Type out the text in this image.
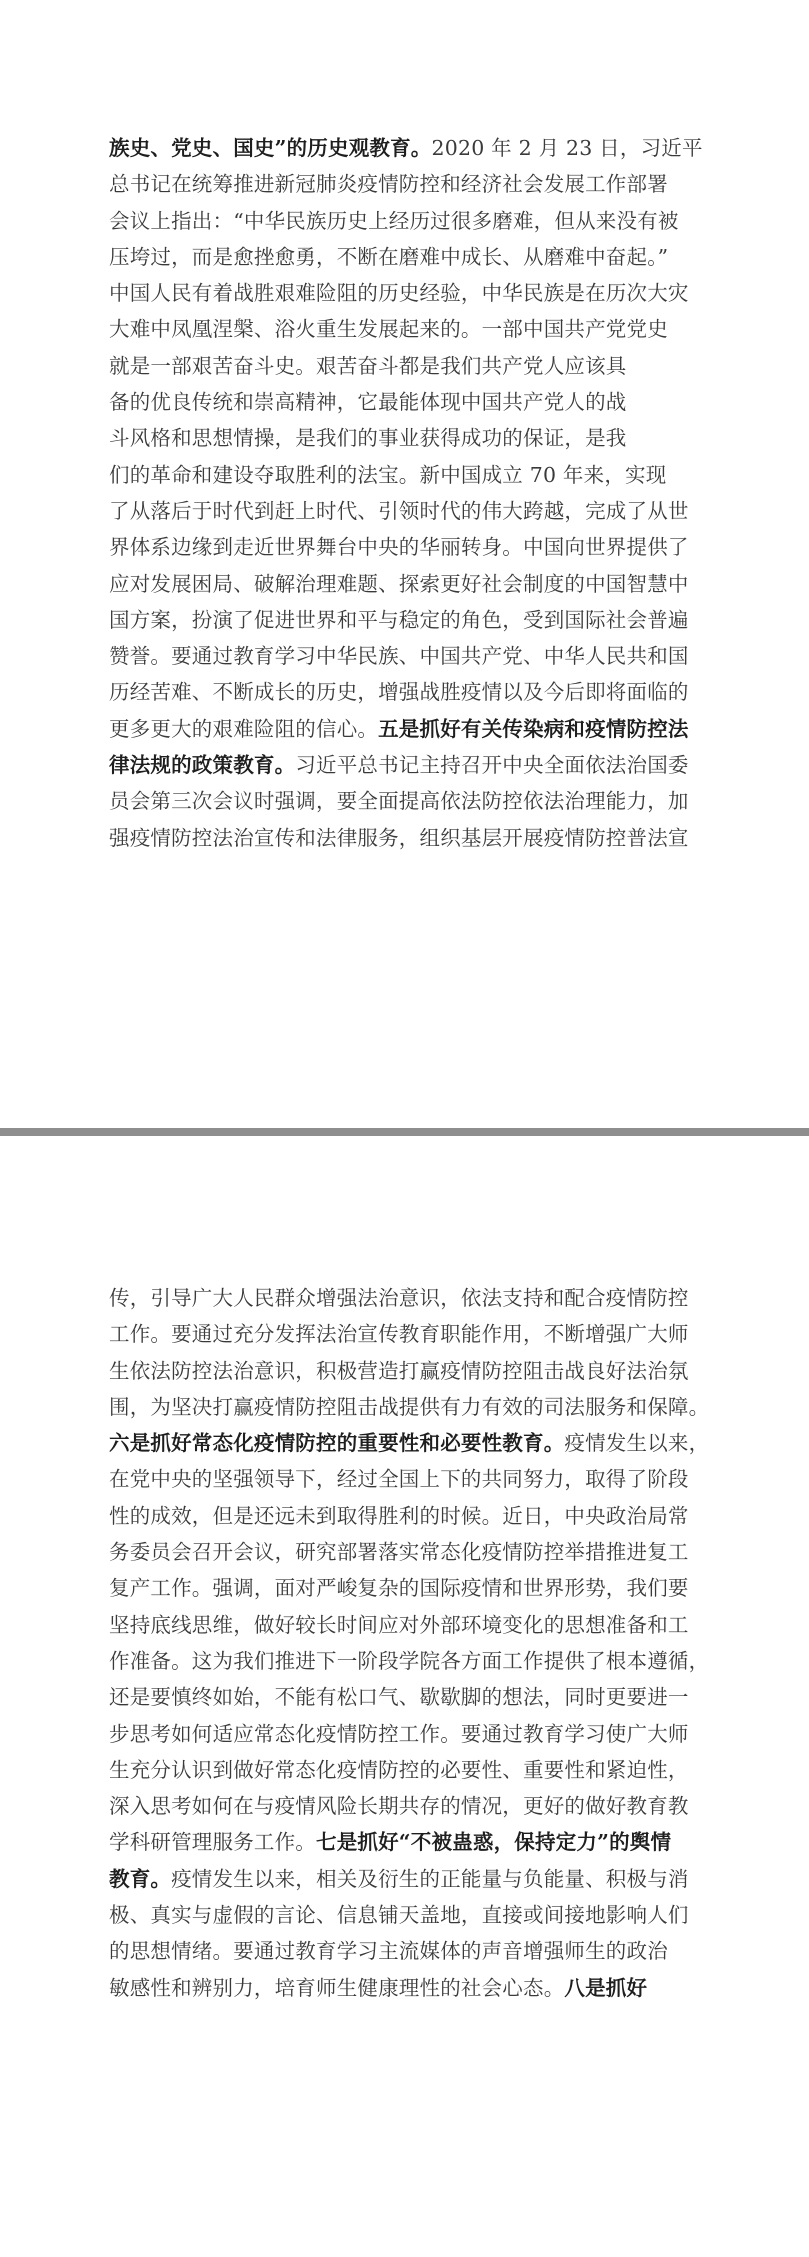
族史、党史、国史”的历史观教育。2020 年 2 月 23 日，习近平
总书记在统筹推进新冠肺炎疫情防控和经济社会发展工作部署
会议上指出：“中华民族历史上经历过很多磨难，但从来没有被
压垮过，而是愈挫愈勇，不断在磨难中成长、从磨难中奋起。”
中国人民有着战胜艰难险阻的历史经验，中华民族是在历次大灾
大难中凤凰涅槃、浴火重生发展起来的。一部中国共产党党史
就是一部艰苦奋斗史。艰苦奋斗都是我们共产党人应该具
备的优良传统和崇高精神，它最能体现中国共产党人的战
斗风格和思想情操，是我们的事业获得成功的保证，是我
们的革命和建设夺取胜利的法宝。新中国成立 70 年来，实现
了从落后于时代到赶上时代、引领时代的伟大跨越，完成了从世
界体系边缘到走近世界舞台中央的华丽转身。中国向世界提供了
应对发展困局、破解治理难题、探索更好社会制度的中国智慧中
国方案，扮演了促进世界和平与稳定的角色，受到国际社会普遍
赞誉。要通过教育学习中华民族、中国共产党、中华人民共和国
历经苦难、不断成长的历史，增强战胜疫情以及今后即将面临的
更多更大的艰难险阻的信心。五是抓好有关传染病和疫情防控法
律法规的政策教育。习近平总书记主持召开中央全面依法治国委
员会第三次会议时强调，要全面提高依法防控依法治理能力，加
强疫情防控法治宣传和法律服务，组织基层开展疫情防控普法宣
传，引导广大人民群众增强法治意识，依法支持和配合疫情防控
工作。要通过充分发挥法治宣传教育职能作用，不断增强广大师
生依法防控法治意识，积极营造打赢疫情防控阻击战良好法治氛
围，为坚决打赢疫情防控阻击战提供有力有效的司法服务和保障。
六是抓好常态化疫情防控的重要性和必要性教育。疫情发生以来，
在党中央的坚强领导下，经过全国上下的共同努力，取得了阶段
性的成效，但是还远未到取得胜利的时候。近日，中央政治局常
务委员会召开会议，研究部署落实常态化疫情防控举措推进复工
复产工作。强调，面对严峻复杂的国际疫情和世界形势，我们要
坚持底线思维，做好较长时间应对外部环境变化的思想准备和工
作准备。这为我们推进下一阶段学院各方面工作提供了根本遵循，
还是要慎终如始，不能有松口气、歇歇脚的想法，同时更要进一
步思考如何适应常态化疫情防控工作。要通过教育学习使广大师
生充分认识到做好常态化疫情防控的必要性、重要性和紧迫性，
深入思考如何在与疫情风险长期共存的情况，更好的做好教育教
学科研管理服务工作。七是抓好“不被蛊惑，保持定力”的舆情
教育。疫情发生以来，相关及衍生的正能量与负能量、积极与消
极、真实与虚假的言论、信息铺天盖地，直接或间接地影响人们
的思想情绪。要通过教育学习主流媒体的声音增强师生的政治
敏感性和辨别力，培育师生健康理性的社会心态。八是抓好
